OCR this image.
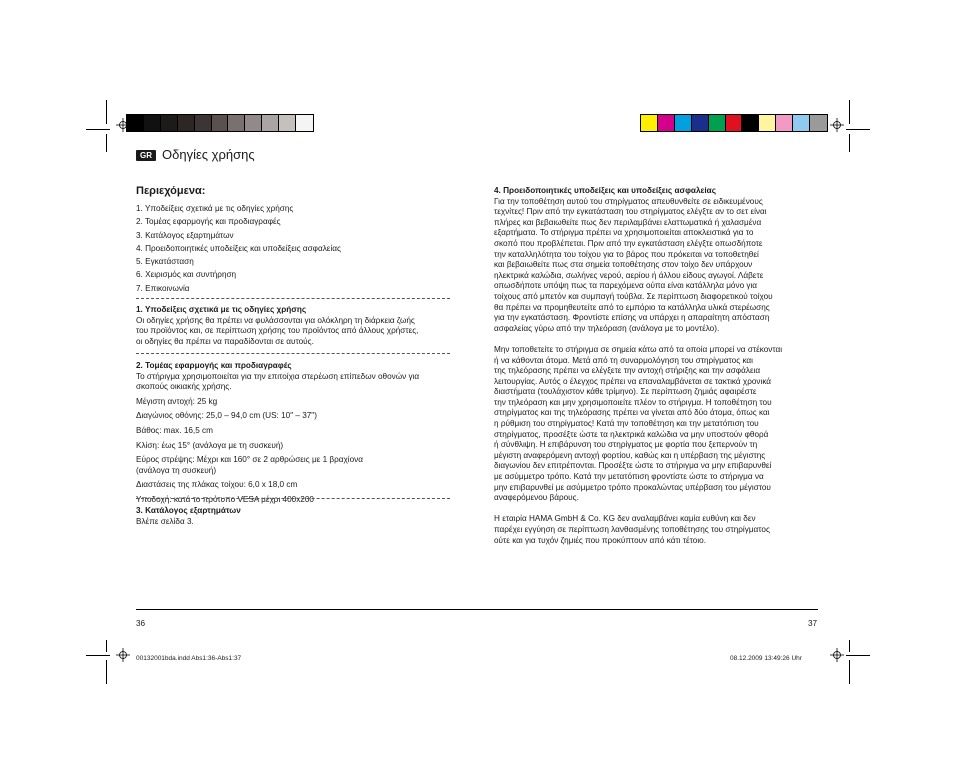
GR Οδηγίες χρήσης
Περιεχόμενα:
1. Υποδείξεις σχετικά με τις οδηγίες χρήσης
2. Τομέας εφαρμογής και προδιαγραφές
3. Κατάλογος εξαρτημάτων
4. Προειδοποιητικές υποδείξεις και υποδείξεις ασφαλείας
5. Εγκατάσταση
6. Χειρισμός και συντήρηση
7. Επικοινωνία

1. Υποδείξεις σχετικά με τις οδηγίες χρήσης

Οι οδηγίες χρήσης θα πρέπει να φυλάσσονται για ολόκληρη τη διάρκεια ζωής

του προϊόντος και, σε περίπτωση χρήσης του προϊόντος από άλλους χρήστες,

οι οδηγίες θα πρέπει να παραδίδονται σε αυτούς.

2. Τομέας εφαρμογής και προδιαγραφές

Το στήριγμα χρησιμοποιείται για την επιτοίχια στερέωση επίπεδων οθονών για

σκοπούς οικιακής χρήσης.

Μέγιστη αντοχή: 25 kg

Διαγώνιος οθόνης: 25,0 – 94,0 cm (US: 10" – 37")

Βάθος: max. 16,5 cm

Κλίση: έως 15° (ανάλογα με τη συσκευή)

Εύρος στρέψης: Μέχρι και 160° σε 2 αρθρώσεις με 1 βραχίονα

(ανάλογα τη συσκευή)

Διαστάσεις της πλάκας τοίχου: 6,0 x 18,0 cm

Υποδοχή: κατά το πρότυπο VESA μέχρι 400x200

3. Κατάλογος εξαρτημάτων

Βλέπε σελίδα 3.

4. Προειδοποιητικές υποδείξεις και υποδείξεις ασφαλείας

Για την τοποθέτηση αυτού του στηρίγματος απευθυνθείτε σε ειδικευμένους

τεχνίτες! Πριν από την εγκατάσταση του στηρίγματος ελέγξτε αν το σετ είναι

πλήρες και βεβαιωθείτε πως δεν περιλαμβάνει ελαττωματικά ή χαλασμένα

εξαρτήματα. Το στήριγμα πρέπει να χρησιμοποιείται αποκλειστικά για το

σκοπό που προβλέπεται. Πριν από την εγκατάσταση ελέγξτε οπωσδήποτε

την καταλληλότητα του τοίχου για το βάρος που πρόκειται να τοποθετηθεί

και βεβαιωθείτε πως στα σημεία τοποθέτησης στον τοίχο δεν υπάρχουν

ηλεκτρικά καλώδια, σωλήνες νερού, αερίου ή άλλου είδους αγωγοί. Λάβετε

οπωσδήποτε υπόψη πως τα παρεχόμενα ούπα είναι κατάλληλα μόνο για

τοίχους από μπετόν και συμπαγή τούβλα. Σε περίπτωση διαφορετικού τοίχου

θα πρέπει να προμηθευτείτε από το εμπόριο τα κατάλληλα υλικά στερέωσης

για την εγκατάσταση. Φροντίστε επίσης να υπάρχει η απαραίτητη απόσταση

ασφαλείας γύρω από την τηλεόραση (ανάλογα με το μοντέλο).

Μην τοποθετείτε το στήριγμα σε σημεία κάτω από τα οποία μπορεί να στέκονται

ή να κάθονται άτομα. Μετά από τη συναρμολόγηση του στηρίγματος και

της τηλεόρασης πρέπει να ελέγξετε την αντοχή στήριξης και την ασφάλεια

λειτουργίας. Αυτός ο έλεγχος πρέπει να επαναλαμβάνεται σε τακτικά χρονικά

διαστήματα (τουλάχιστον κάθε τρίμηνο). Σε περίπτωση ζημιάς αφαιρέστε

την τηλεόραση και μην χρησιμοποιείτε πλέον το στήριγμα. Η τοποθέτηση του

στηρίγματος και της τηλεόρασης πρέπει να γίνεται από δύο άτομα, όπως και

η ρύθμιση του στηρίγματος! Κατά την τοποθέτηση και την μετατόπιση του

στηρίγματος, προσέξτε ώστε τα ηλεκτρικά καλώδια να μην υποστούν φθορά

ή σύνθλιψη. Η επιβάρυνση του στηρίγματος με φορτία που ξεπερνούν τη

μέγιστη αναφερόμενη αντοχή φορτίου, καθώς και η υπέρβαση της μέγιστης

διαγωνίου δεν επιτρέπονται. Προσέξτε ώστε το στήριγμα να μην επιβαρυνθεί

με ασύμμετρο τρόπο. Κατά την μετατόπιση φροντίστε ώστε το στήριγμα να

μην επιβαρυνθεί με ασύμμετρο τρόπο προκαλώντας υπέρβαση του μέγιστου

αναφερόμενου βάρους.

Η εταιρία HAMA GmbH & Co. KG δεν αναλαμβάνει καμία ευθύνη και δεν

παρέχει εγγύηση σε περίπτωση λανθασμένης τοποθέτησης του στηρίγματος

ούτε και για τυχόν ζημιές που προκύπτουν από κάτι τέτοιο.

36	37
00132001bda.indd Abs1:36-Abs1:37	08.12.2009 13:49:26 Uhr
